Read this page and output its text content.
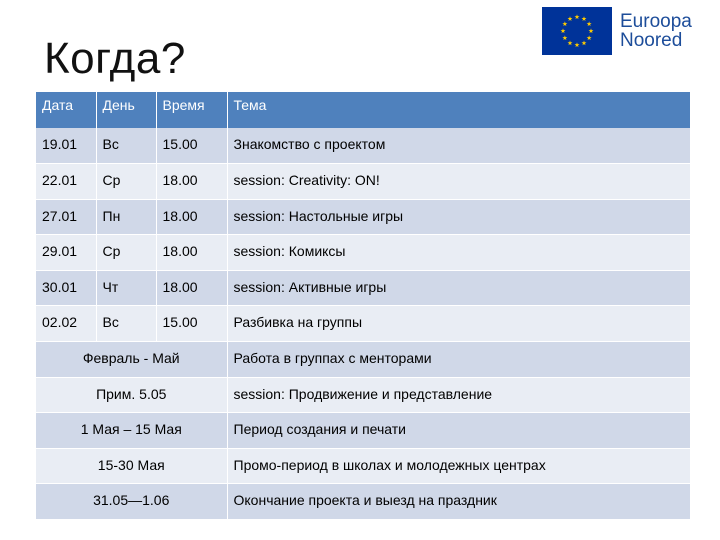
Когда?
Euroopa
Noored
Дата	День	Время	Тема
19.01	Вс	15.00	Знакомство с проектом
22.01	Ср	18.00	session: Creativity: ON!
27.01	Пн	18.00	session: Настольные игры
29.01	Ср	18.00	session: Комиксы
30.01	Чт	18.00	session: Активные игры
02.02	Вс	15.00	Разбивка на группы
Февраль - Май			Работа в группах с менторами
Прим. 5.05			session: Продвижение и представление
1 Мая – 15 Мая			Период создания и печати
15-30 Мая			Промо-период в школах и молодежных центрах
31.05—1.06			Окончание проекта и выезд на праздник
